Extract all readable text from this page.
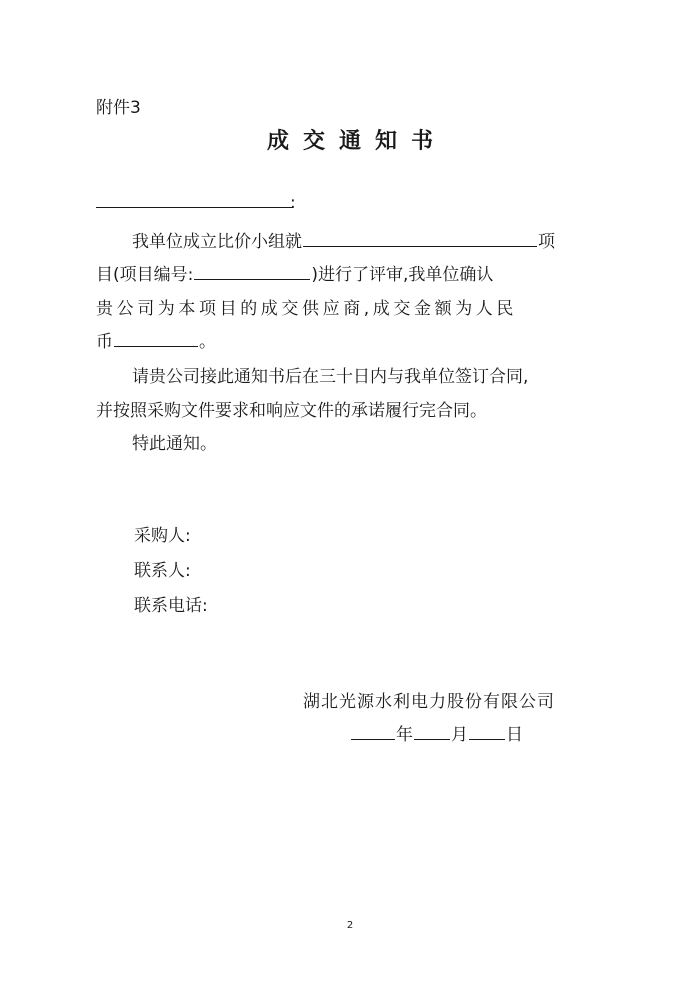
附件3
成交通知书
:
我单位成立比价小组就	项
目(项目编号:	)进行了评审,我单位确认
贵公司为本项目的成交供应商,成交金额为人民
币	。
请贵公司接此通知书后在三十日内与我单位签订合同,
并按照采购文件要求和响应文件的承诺履行完合同。
特此通知。
采购人:
联系人:
联系电话:
湖北光源水利电力股份有限公司
年 月 日
2
